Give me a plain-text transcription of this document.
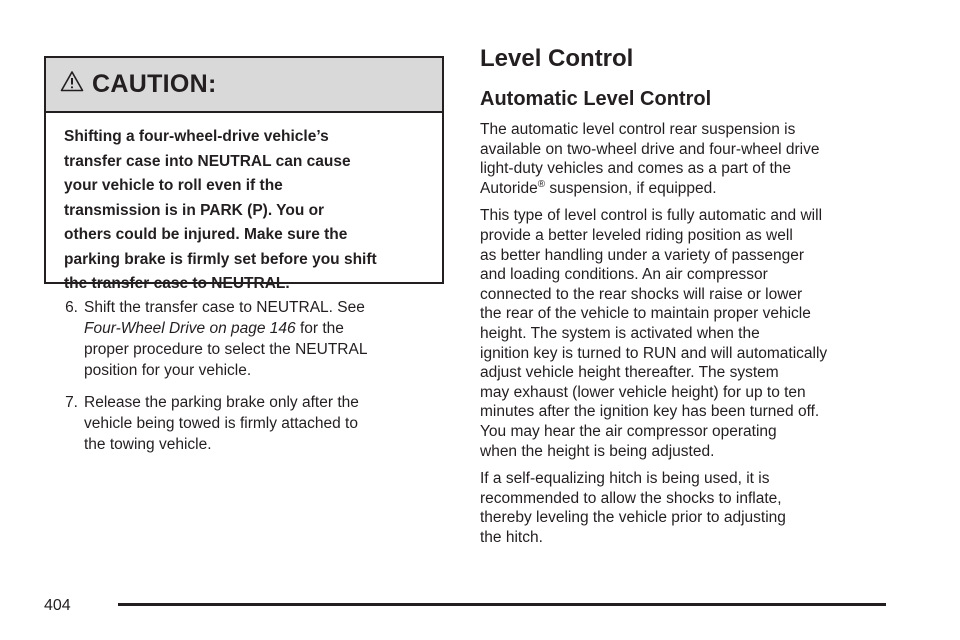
CAUTION:
Shifting a four-wheel-drive vehicle’s
transfer case into NEUTRAL can cause
your vehicle to roll even if the
transmission is in PARK (P). You or
others could be injured. Make sure the
parking brake is firmly set before you shift
the transfer case to NEUTRAL.
6. Shift the transfer case to NEUTRAL. See
Four-Wheel Drive on page 146 for the
proper procedure to select the NEUTRAL
position for your vehicle.
7. Release the parking brake only after the
vehicle being towed is firmly attached to
the towing vehicle.
Level Control
Automatic Level Control
The automatic level control rear suspension is
available on two-wheel drive and four-wheel drive
light-duty vehicles and comes as a part of the
Autoride® suspension, if equipped.
This type of level control is fully automatic and will
provide a better leveled riding position as well
as better handling under a variety of passenger
and loading conditions. An air compressor
connected to the rear shocks will raise or lower
the rear of the vehicle to maintain proper vehicle
height. The system is activated when the
ignition key is turned to RUN and will automatically
adjust vehicle height thereafter. The system
may exhaust (lower vehicle height) for up to ten
minutes after the ignition key has been turned off.
You may hear the air compressor operating
when the height is being adjusted.
If a self-equalizing hitch is being used, it is
recommended to allow the shocks to inflate,
thereby leveling the vehicle prior to adjusting
the hitch.
404
